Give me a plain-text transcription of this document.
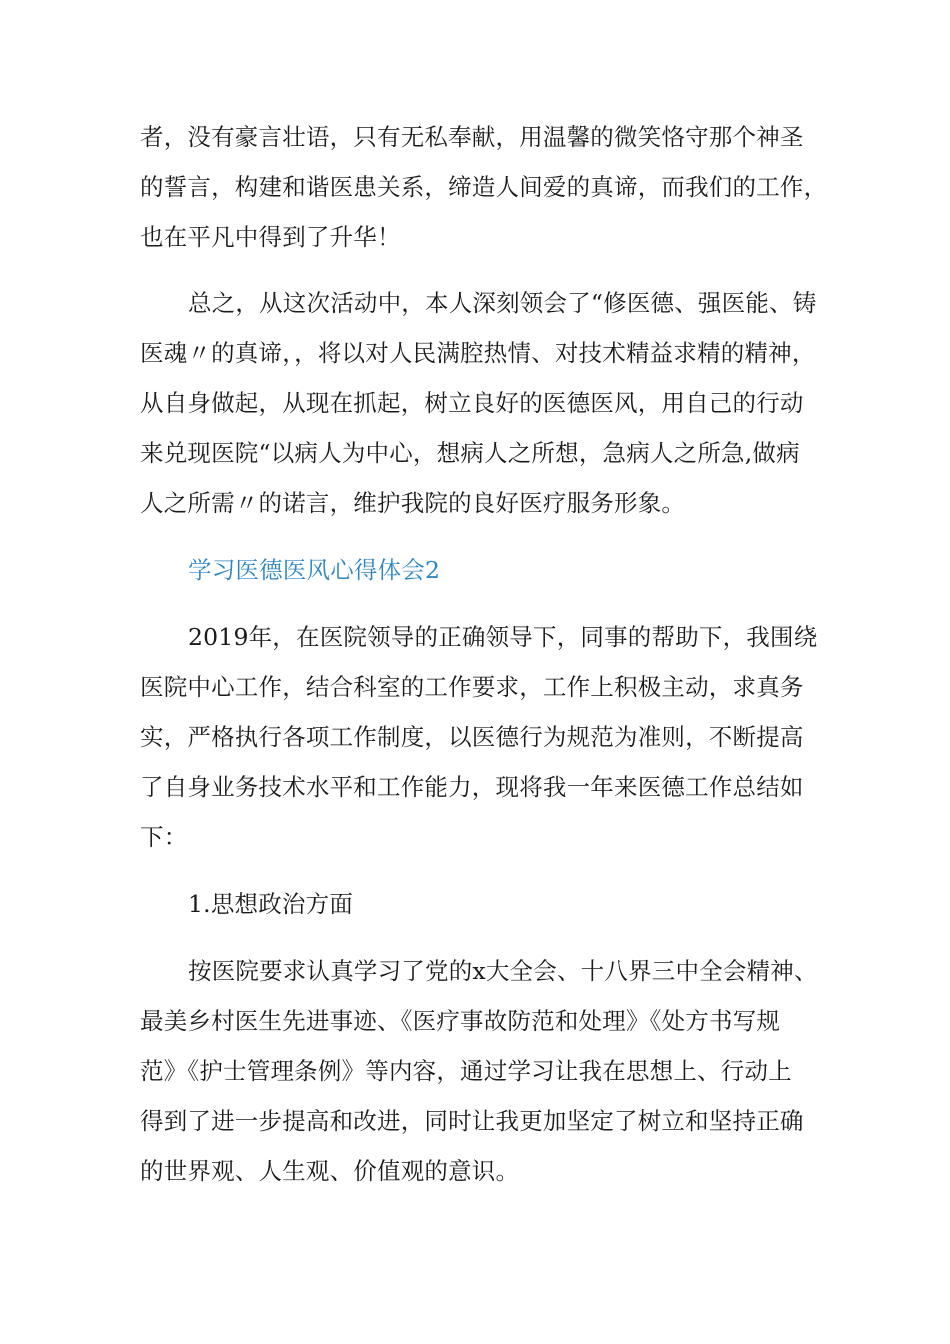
者，没有豪言壮语，只有无私奉献，用温馨的微笑恪守那个神圣
的誓言，构建和谐医患关系，缔造人间爱的真谛，而我们的工作，
也在平凡中得到了升华！
总之，从这次活动中，本人深刻领会了“修医德、强医能、铸
医魂〃的真谛，，将以对人民满腔热情、对技术精益求精的精神，
从自身做起，从现在抓起，树立良好的医德医风，用自己的行动
来兑现医院“以病人为中心，想病人之所想，急病人之所急,做病
人之所需〃的诺言，维护我院的良好医疗服务形象。
学习医德医风心得体会2
2019年，在医院领导的正确领导下，同事的帮助下，我围绕
医院中心工作，结合科室的工作要求，工作上积极主动，求真务
实，严格执行各项工作制度，以医德行为规范为准则，不断提高
了自身业务技术水平和工作能力，现将我一年来医德工作总结如
下：
1.思想政治方面
按医院要求认真学习了党的x大全会、十八界三中全会精神、
最美乡村医生先进事迹、《医疗事故防范和处理》《处方书写规
范》《护士管理条例》等内容，通过学习让我在思想上、行动上
得到了进一步提高和改进，同时让我更加坚定了树立和坚持正确
的世界观、人生观、价值观的意识。
